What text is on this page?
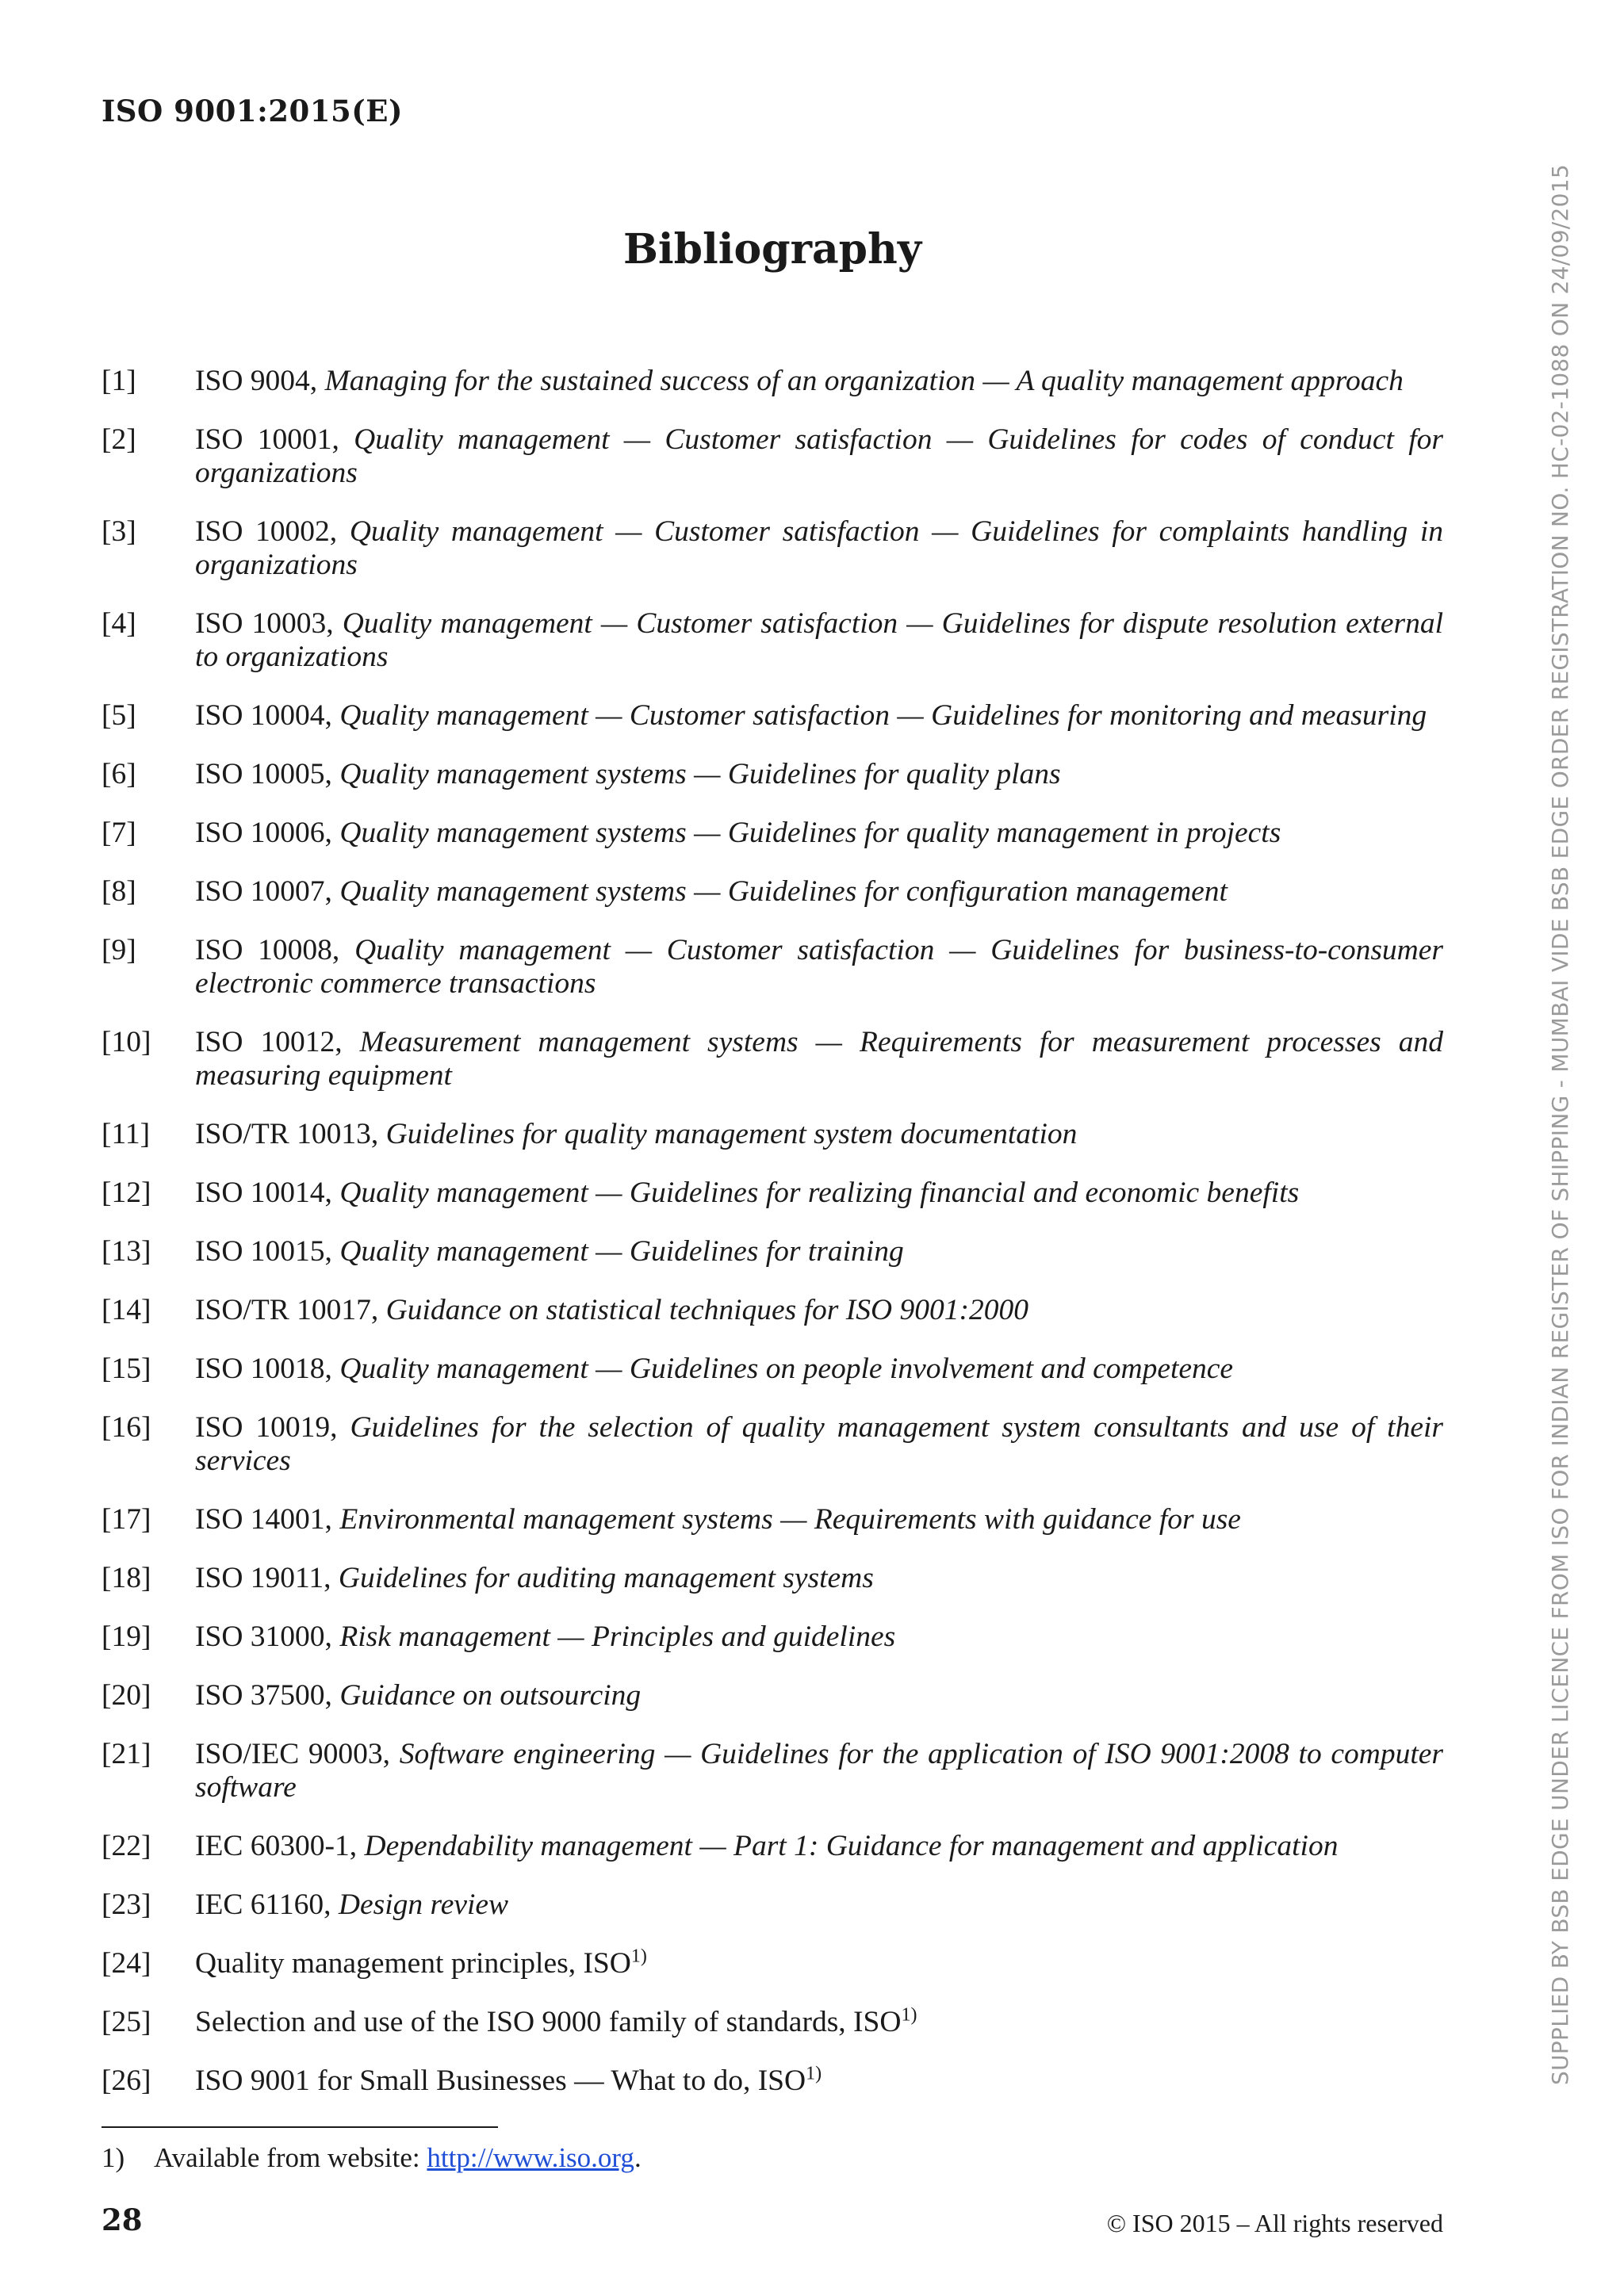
ISO 9001:2015(E)
Bibliography
[1]	ISO 9004, Managing for the sustained success of an organization — A quality management approach
[2]	ISO 10001, Quality management — Customer satisfaction — Guidelines for codes of conduct for organizations
[3]	ISO 10002, Quality management — Customer satisfaction — Guidelines for complaints handling in organizations
[4]	ISO 10003, Quality management — Customer satisfaction — Guidelines for dispute resolution external to organizations
[5]	ISO 10004, Quality management — Customer satisfaction — Guidelines for monitoring and measuring
[6]	ISO 10005, Quality management systems — Guidelines for quality plans
[7]	ISO 10006, Quality management systems — Guidelines for quality management in projects
[8]	ISO 10007, Quality management systems — Guidelines for configuration management
[9]	ISO 10008, Quality management — Customer satisfaction — Guidelines for business-to-consumer electronic commerce transactions
[10]	ISO 10012, Measurement management systems — Requirements for measurement processes and measuring equipment
[11]	ISO/TR 10013, Guidelines for quality management system documentation
[12]	ISO 10014, Quality management — Guidelines for realizing financial and economic benefits
[13]	ISO 10015, Quality management — Guidelines for training
[14]	ISO/TR 10017, Guidance on statistical techniques for ISO 9001:2000
[15]	ISO 10018, Quality management — Guidelines on people involvement and competence
[16]	ISO 10019, Guidelines for the selection of quality management system consultants and use of their services
[17]	ISO 14001, Environmental management systems — Requirements with guidance for use
[18]	ISO 19011, Guidelines for auditing management systems
[19]	ISO 31000, Risk management — Principles and guidelines
[20]	ISO 37500, Guidance on outsourcing
[21]	ISO/IEC 90003, Software engineering — Guidelines for the application of ISO 9001:2008 to computer software
[22]	IEC 60300-1, Dependability management — Part 1: Guidance for management and application
[23]	IEC 61160, Design review
[24]	Quality management principles, ISO$^{1)}$
[25]	Selection and use of the ISO 9000 family of standards, ISO$^{1)}$
[26]	ISO 9001 for Small Businesses — What to do, ISO$^{1)}$
1) Available from website: http://www.iso.org.
28	© ISO 2015 – All rights reserved
SUPPLIED BY BSB EDGE UNDER LICENCE FROM ISO FOR INDIAN REGISTER OF SHIPPING - MUMBAI VIDE BSB EDGE ORDER REGISTRATION NO. HC-02-1088 ON 24/09/2015
